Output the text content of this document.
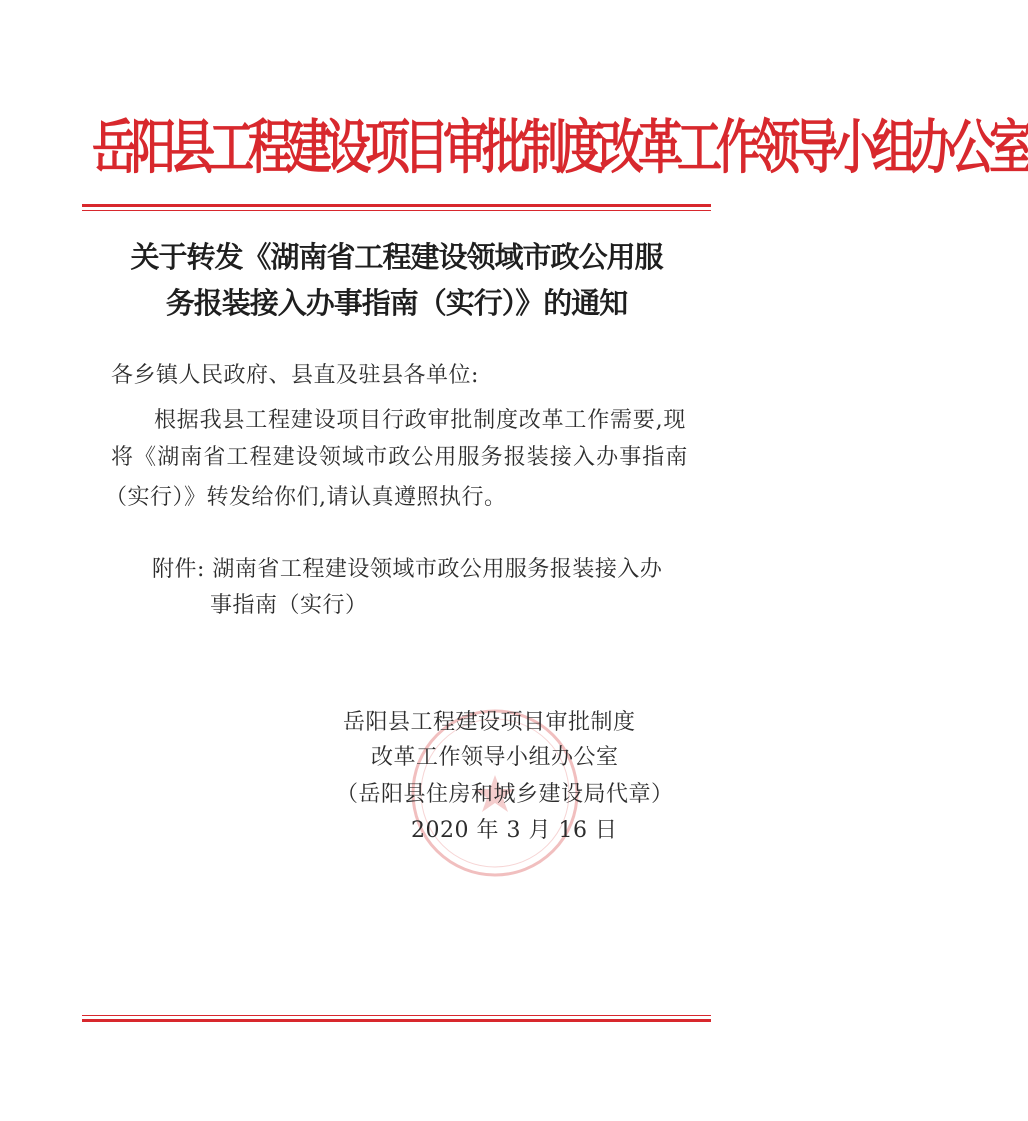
岳阳县工程建设项目审批制度改革工作领导小组办公室
关于转发《湖南省工程建设领域市政公用服
务报装接入办事指南（实行）》的通知
各乡镇人民政府、县直及驻县各单位:
根据我县工程建设项目行政审批制度改革工作需要,现
将《湖南省工程建设领域市政公用服务报装接入办事指南
（实行）》转发给你们,请认真遵照执行。
附件: 湖南省工程建设领域市政公用服务报装接入办
事指南（实行）
岳阳县工程建设项目审批制度
改革工作领导小组办公室
（岳阳县住房和城乡建设局代章）
2020 年 3 月 16 日
